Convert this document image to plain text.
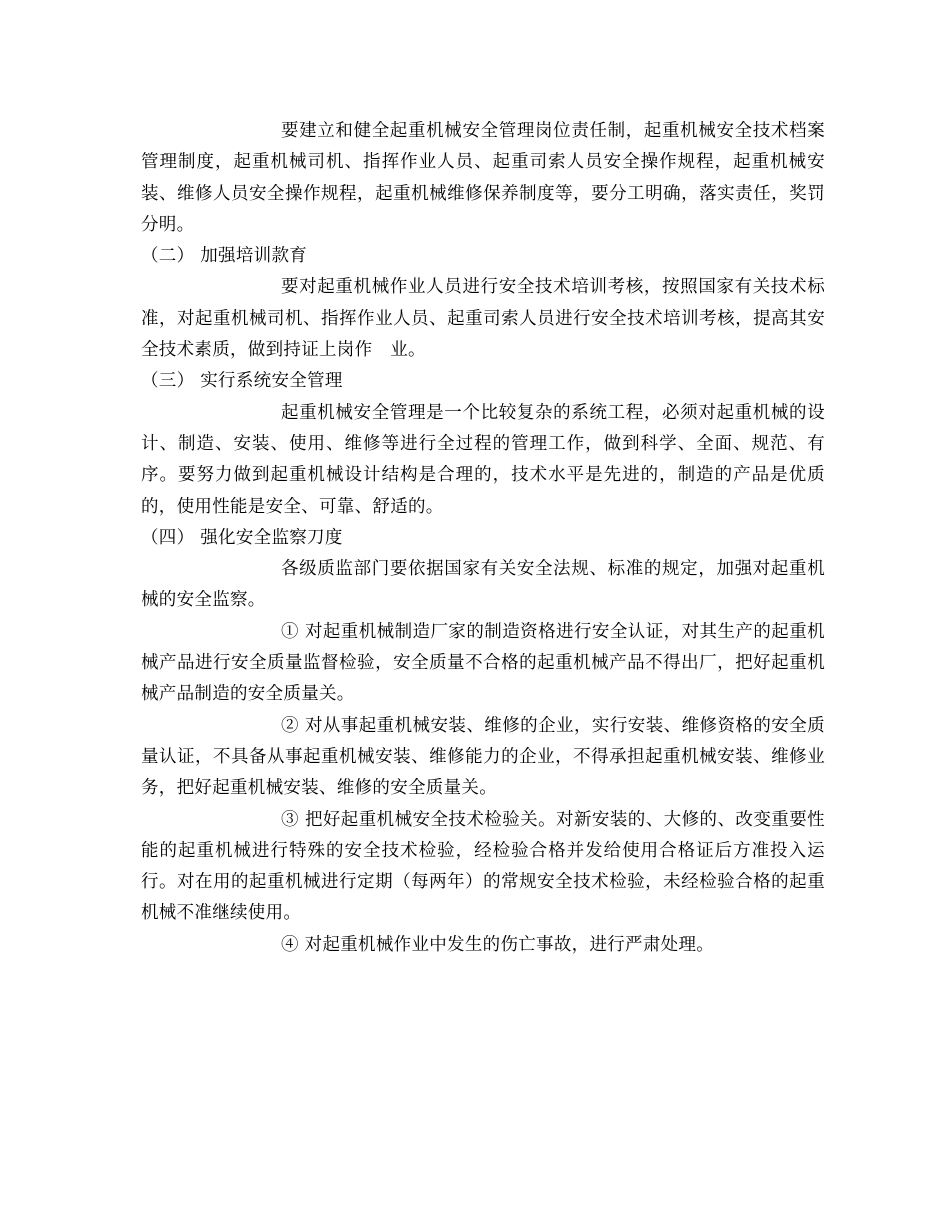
要建立和健全起重机械安全管理岗位责任制，起重机械安全技术档案管理制度，起重机械司机、指挥作业人员、起重司索人员安全操作规程，起重机械安装、维修人员安全操作规程，起重机械维修保养制度等，要分工明确，落实责任，奖罚分明。

（二） 加强培训款育

要对起重机械作业人员进行安全技术培训考核，按照国家有关技术标准，对起重机械司机、指挥作业人员、起重司索人员进行安全技术培训考核，提高其安全技术素质，做到持证上岗作　业。

（三） 实行系统安全管理

起重机械安全管理是一个比较复杂的系统工程，必须对起重机械的设计、制造、安装、使用、维修等进行全过程的管理工作，做到科学、全面、规范、有序。要努力做到起重机械设计结构是合理的，技术水平是先进的，制造的产品是优质的，使用性能是安全、可靠、舒适的。

（四） 强化安全监察刀度

各级质监部门要依据国家有关安全法规、标准的规定，加强对起重机械的安全监察。

① 对起重机械制造厂家的制造资格进行安全认证，对其生产的起重机械产品进行安全质量监督检验，安全质量不合格的起重机械产品不得出厂，把好起重机械产品制造的安全质量关。

② 对从事起重机械安装、维修的企业，实行安装、维修资格的安全质量认证，不具备从事起重机械安装、维修能力的企业，不得承担起重机械安装、维修业务，把好起重机械安装、维修的安全质量关。

③ 把好起重机械安全技术检验关。对新安装的、大修的、改变重要性能的起重机械进行特殊的安全技术检验，经检验合格并发给使用合格证后方准投入运行。对在用的起重机械进行定期（每两年）的常规安全技术检验，未经检验合格的起重机械不准继续使用。

④ 对起重机械作业中发生的伤亡事故，进行严肃处理。
